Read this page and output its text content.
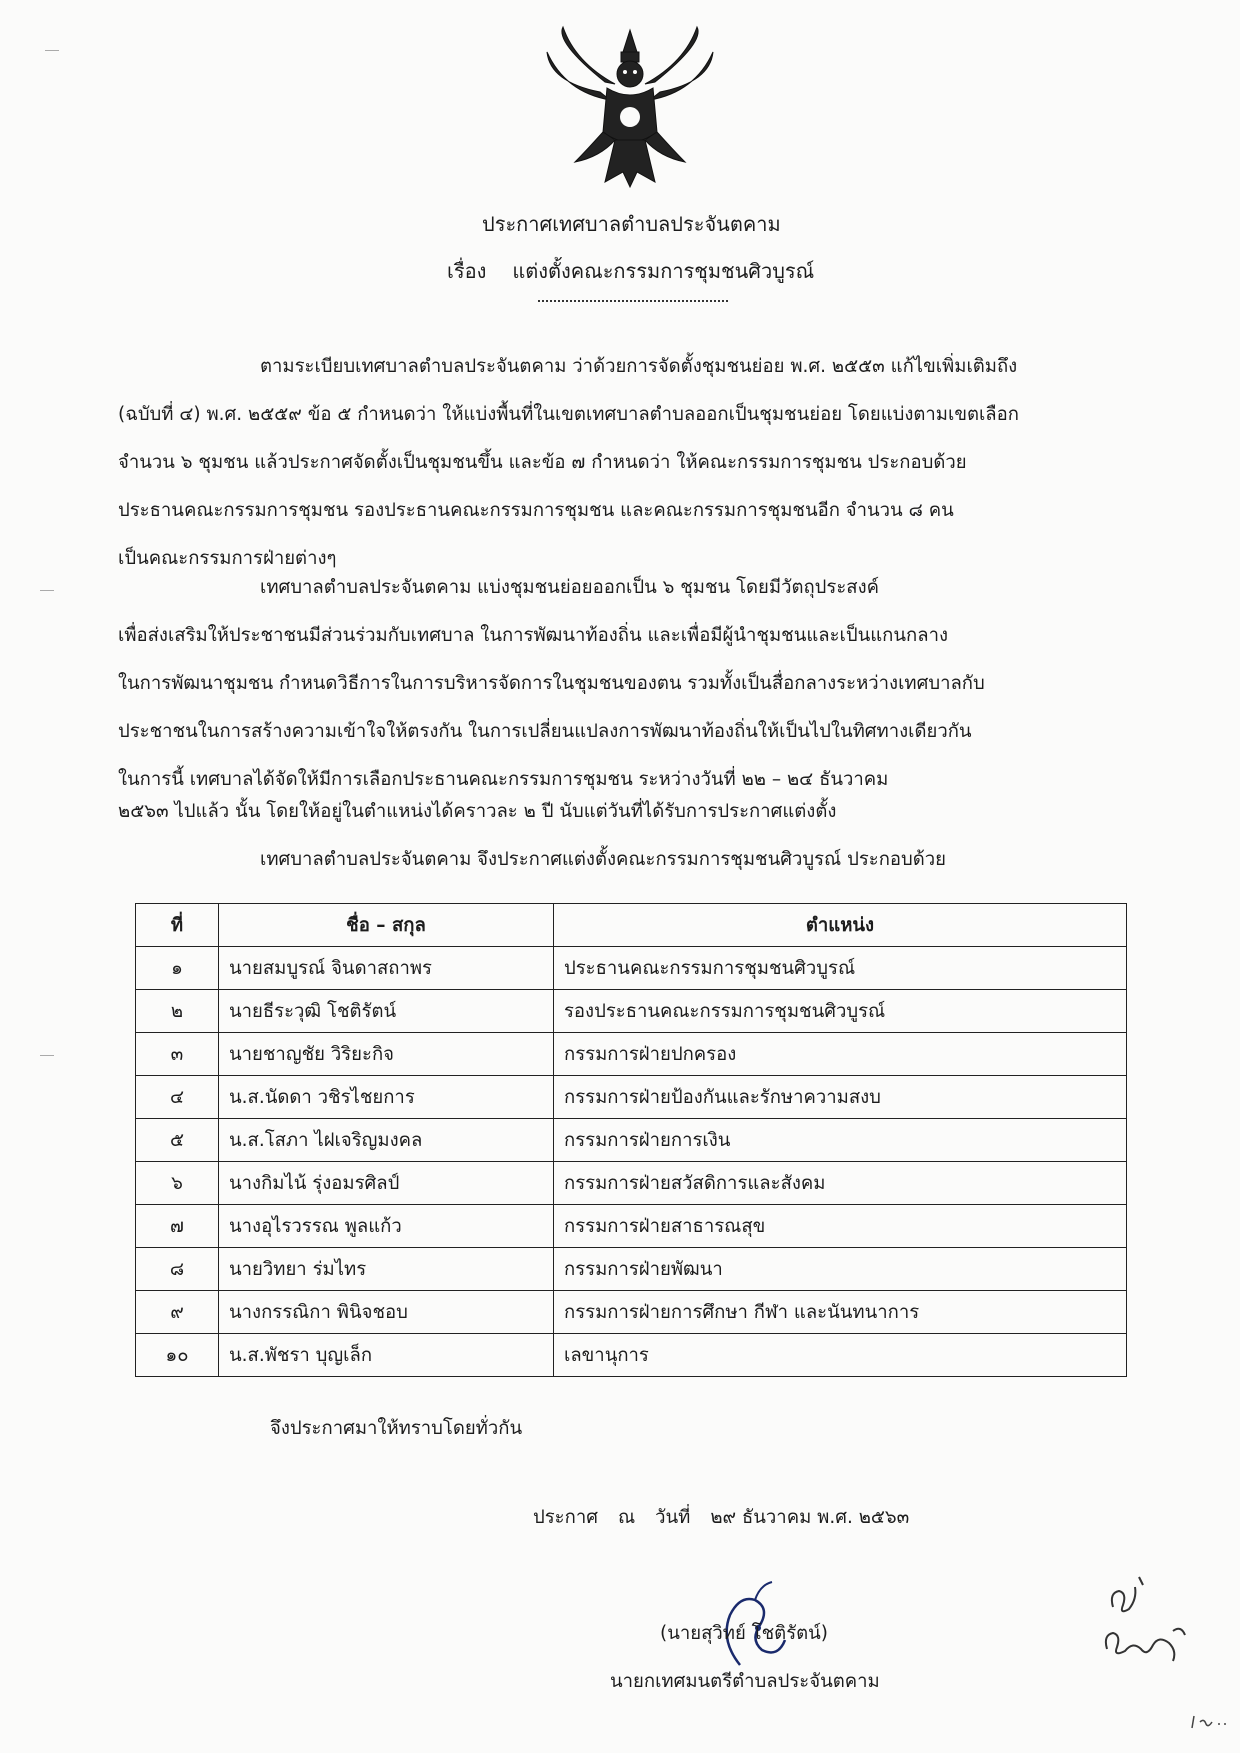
ประกาศเทศบาลตำบลประจันตคาม
เรื่อง แต่งตั้งคณะกรรมการชุมชนศิวบูรณ์
ตามระเบียบเทศบาลตำบลประจันตคาม ว่าด้วยการจัดตั้งชุมชนย่อย พ.ศ. ๒๕๕๓ แก้ไขเพิ่มเติมถึง
(ฉบับที่ ๔) พ.ศ. ๒๕๕๙ ข้อ ๕ กำหนดว่า ให้แบ่งพื้นที่ในเขตเทศบาลตำบลออกเป็นชุมชนย่อย โดยแบ่งตามเขตเลือก
จำนวน ๖ ชุมชน แล้วประกาศจัดตั้งเป็นชุมชนขึ้น และข้อ ๗ กำหนดว่า ให้คณะกรรมการชุมชน ประกอบด้วย
ประธานคณะกรรมการชุมชน รองประธานคณะกรรมการชุมชน และคณะกรรมการชุมชนอีก จำนวน ๘ คน
เป็นคณะกรรมการฝ่ายต่างๆ
เทศบาลตำบลประจันตคาม แบ่งชุมชนย่อยออกเป็น ๖ ชุมชน โดยมีวัตถุประสงค์
เพื่อส่งเสริมให้ประชาชนมีส่วนร่วมกับเทศบาล ในการพัฒนาท้องถิ่น และเพื่อมีผู้นำชุมชนและเป็นแกนกลาง
ในการพัฒนาชุมชน กำหนดวิธีการในการบริหารจัดการในชุมชนของตน รวมทั้งเป็นสื่อกลางระหว่างเทศบาลกับ
ประชาชนในการสร้างความเข้าใจให้ตรงกัน ในการเปลี่ยนแปลงการพัฒนาท้องถิ่นให้เป็นไปในทิศทางเดียวกัน
ในการนี้ เทศบาลได้จัดให้มีการเลือกประธานคณะกรรมการชุมชน ระหว่างวันที่ ๒๒ – ๒๔ ธันวาคม
๒๕๖๓ ไปแล้ว นั้น โดยให้อยู่ในตำแหน่งได้คราวละ ๒ ปี นับแต่วันที่ได้รับการประกาศแต่งตั้ง
เทศบาลตำบลประจันตคาม จึงประกาศแต่งตั้งคณะกรรมการชุมชนศิวบูรณ์ ประกอบด้วย
ที่	ชื่อ – สกุล	ตำแหน่ง
๑	นายสมบูรณ์ จินดาสถาพร	ประธานคณะกรรมการชุมชนศิวบูรณ์
๒	นายธีระวุฒิ โชติรัตน์	รองประธานคณะกรรมการชุมชนศิวบูรณ์
๓	นายชาญชัย วิริยะกิจ	กรรมการฝ่ายปกครอง
๔	น.ส.นัดดา วชิรไชยการ	กรรมการฝ่ายป้องกันและรักษาความสงบ
๕	น.ส.โสภา ไฝเจริญมงคล	กรรมการฝ่ายการเงิน
๖	นางกิมไน้ รุ่งอมรศิลป์	กรรมการฝ่ายสวัสดิการและสังคม
๗	นางอุไรวรรณ พูลแก้ว	กรรมการฝ่ายสาธารณสุข
๘	นายวิทยา ร่มไทร	กรรมการฝ่ายพัฒนา
๙	นางกรรณิกา พินิจชอบ	กรรมการฝ่ายการศึกษา กีฬา และนันทนาการ
๑๐	น.ส.พัชรา บุญเล็ก	เลขานุการ
จึงประกาศมาให้ทราบโดยทั่วกัน
ประกาศ ณ วันที่ ๒๙ ธันวาคม พ.ศ. ๒๕๖๓
(นายสุวิทย์ โชติรัตน์)
นายกเทศมนตรีตำบลประจันตคาม
